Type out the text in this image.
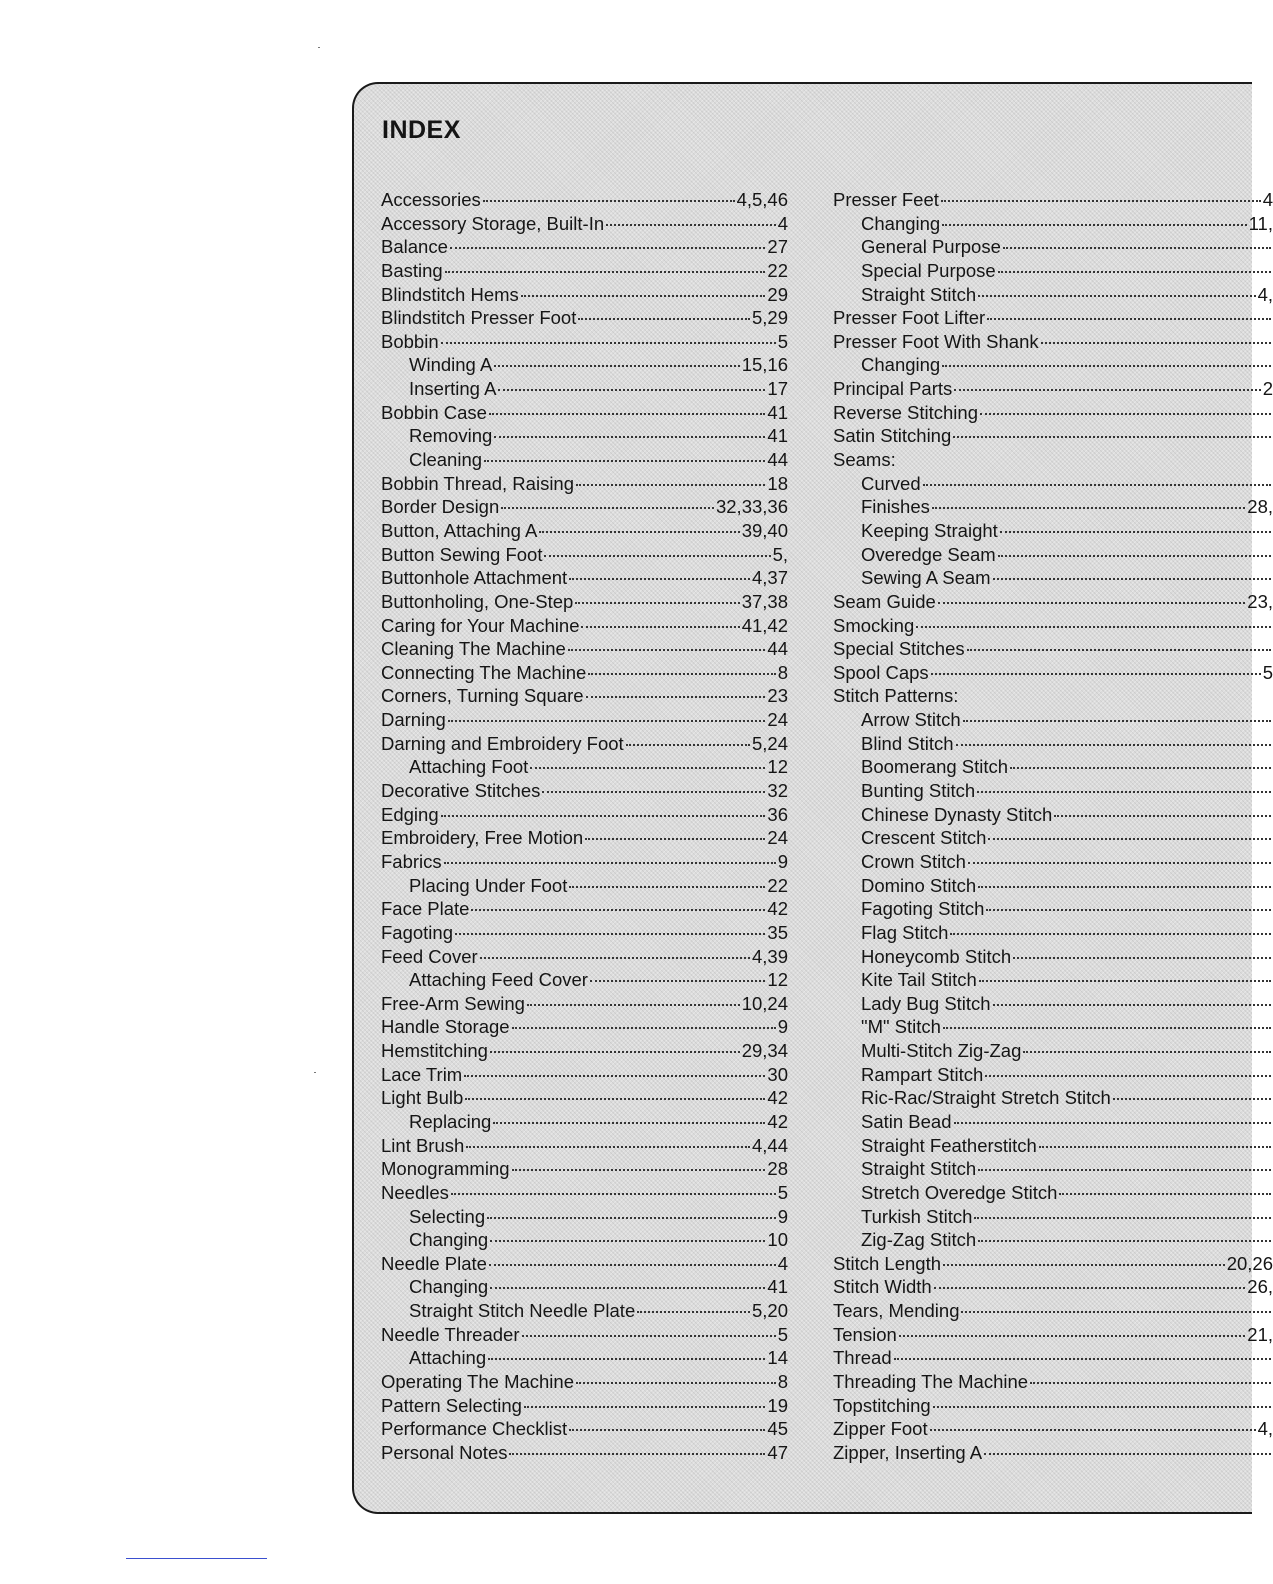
INDEX
Accessories	4,5,46
Accessory Storage, Built-In	4
Balance	27
Basting	22
Blindstitch Hems	29
Blindstitch Presser Foot	5,29
Bobbin	5
Winding A	15,16
Inserting A	17
Bobbin Case	41
Removing	41
Cleaning	44
Bobbin Thread, Raising	18
Border Design	32,33,36
Button, Attaching A	39,40
Button Sewing Foot	5,
Buttonhole Attachment	4,37
Buttonholing, One-Step	37,38
Caring for Your Machine	41,42
Cleaning The Machine	44
Connecting The Machine	8
Corners, Turning Square	23
Darning	24
Darning and Embroidery Foot	5,24
Attaching Foot	12
Decorative Stitches	32
Edging	36
Embroidery, Free Motion	24
Fabrics	9
Placing Under Foot	22
Face Plate	42
Fagoting	35
Feed Cover	4,39
Attaching Feed Cover	12
Free-Arm Sewing	10,24
Handle Storage	9
Hemstitching	29,34
Lace Trim	30
Light Bulb	42
Replacing	42
Lint Brush	4,44
Monogramming	28
Needles	5
Selecting	9
Changing	10
Needle Plate	4
Changing	41
Straight Stitch Needle Plate	5,20
Needle Threader	5
Attaching	14
Operating The Machine	8
Pattern Selecting	19
Performance Checklist	45
Personal Notes	47
Presser Feet	4
Changing	11,
General Purpose
Special Purpose
Straight Stitch	4,
Presser Foot Lifter
Presser Foot With Shank
Changing
Principal Parts	2
Reverse Stitching
Satin Stitching
Seams:
Curved
Finishes	28,
Keeping Straight
Overedge Seam
Sewing A Seam
Seam Guide	23,
Smocking
Special Stitches
Spool Caps	5
Stitch Patterns:
Arrow Stitch
Blind Stitch
Boomerang Stitch
Bunting Stitch
Chinese Dynasty Stitch
Crescent Stitch
Crown Stitch
Domino Stitch
Fagoting Stitch
Flag Stitch
Honeycomb Stitch
Kite Tail Stitch
Lady Bug Stitch
"M" Stitch
Multi-Stitch Zig-Zag
Rampart Stitch
Ric-Rac/Straight Stretch Stitch
Satin Bead
Straight Featherstitch
Straight Stitch
Stretch Overedge Stitch
Turkish Stitch
Zig-Zag Stitch
Stitch Length	20,26
Stitch Width	26,
Tears, Mending
Tension	21,
Thread
Threading The Machine
Topstitching
Zipper Foot	4,
Zipper, Inserting A
